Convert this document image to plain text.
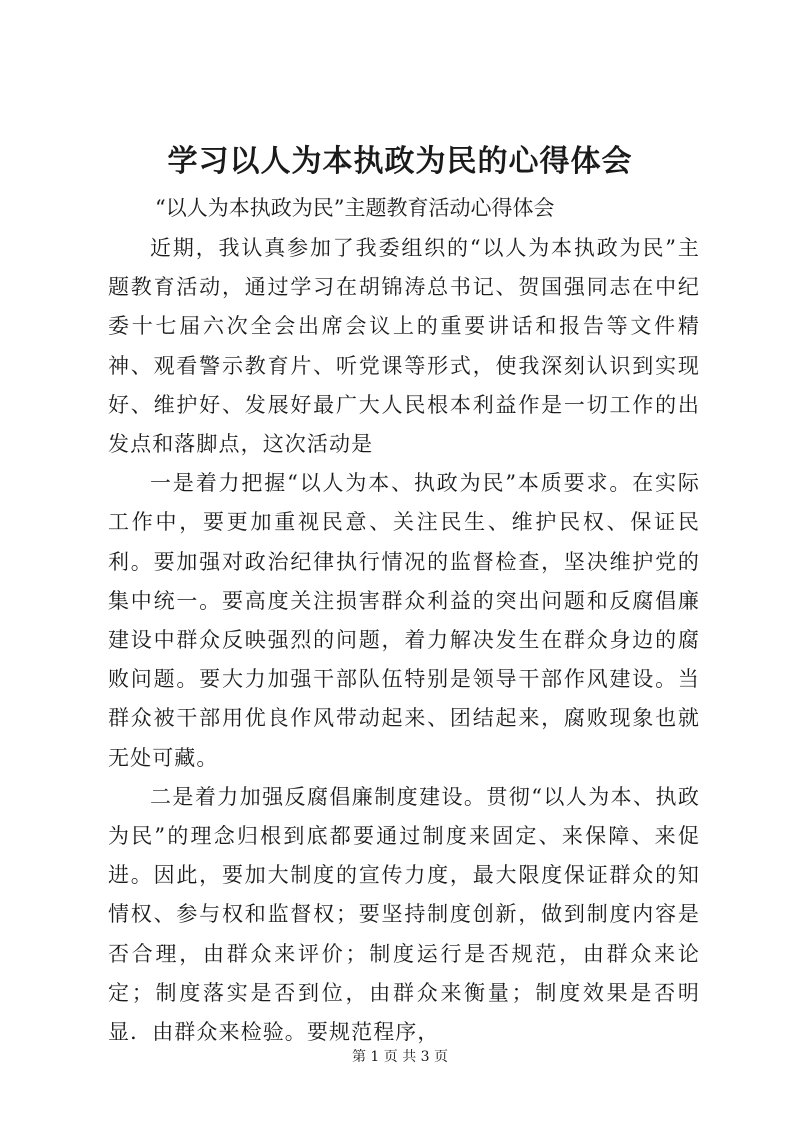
学习以人为本执政为民的心得体会

“以人为本执政为民”主题教育活动心得体会

近期，我认真参加了我委组织的“以人为本执政为民”主题教育活动，通过学习在胡锦涛总书记、贺国强同志在中纪委十七届六次全会出席会议上的重要讲话和报告等文件精神、观看警示教育片、听党课等形式，使我深刻认识到实现好、维护好、发展好最广大人民根本利益作是一切工作的出发点和落脚点，这次活动是

一是着力把握“以人为本、执政为民”本质要求。在实际工作中，要更加重视民意、关注民生、维护民权、保证民利。要加强对政治纪律执行情况的监督检查，坚决维护党的集中统一。要高度关注损害群众利益的突出问题和反腐倡廉建设中群众反映强烈的问题，着力解决发生在群众身边的腐败问题。要大力加强干部队伍特别是领导干部作风建设。当群众被干部用优良作风带动起来、团结起来，腐败现象也就无处可藏。

二是着力加强反腐倡廉制度建设。贯彻“以人为本、执政为民”的理念归根到底都要通过制度来固定、来保障、来促进。因此，要加大制度的宣传力度，最大限度保证群众的知情权、参与权和监督权；要坚持制度创新，做到制度内容是否合理，由群众来评价；制度运行是否规范，由群众来论定；制度落实是否到位，由群众来衡量；制度效果是否明显．由群众来检验。要规范程序，

第 1 页 共 3 页
